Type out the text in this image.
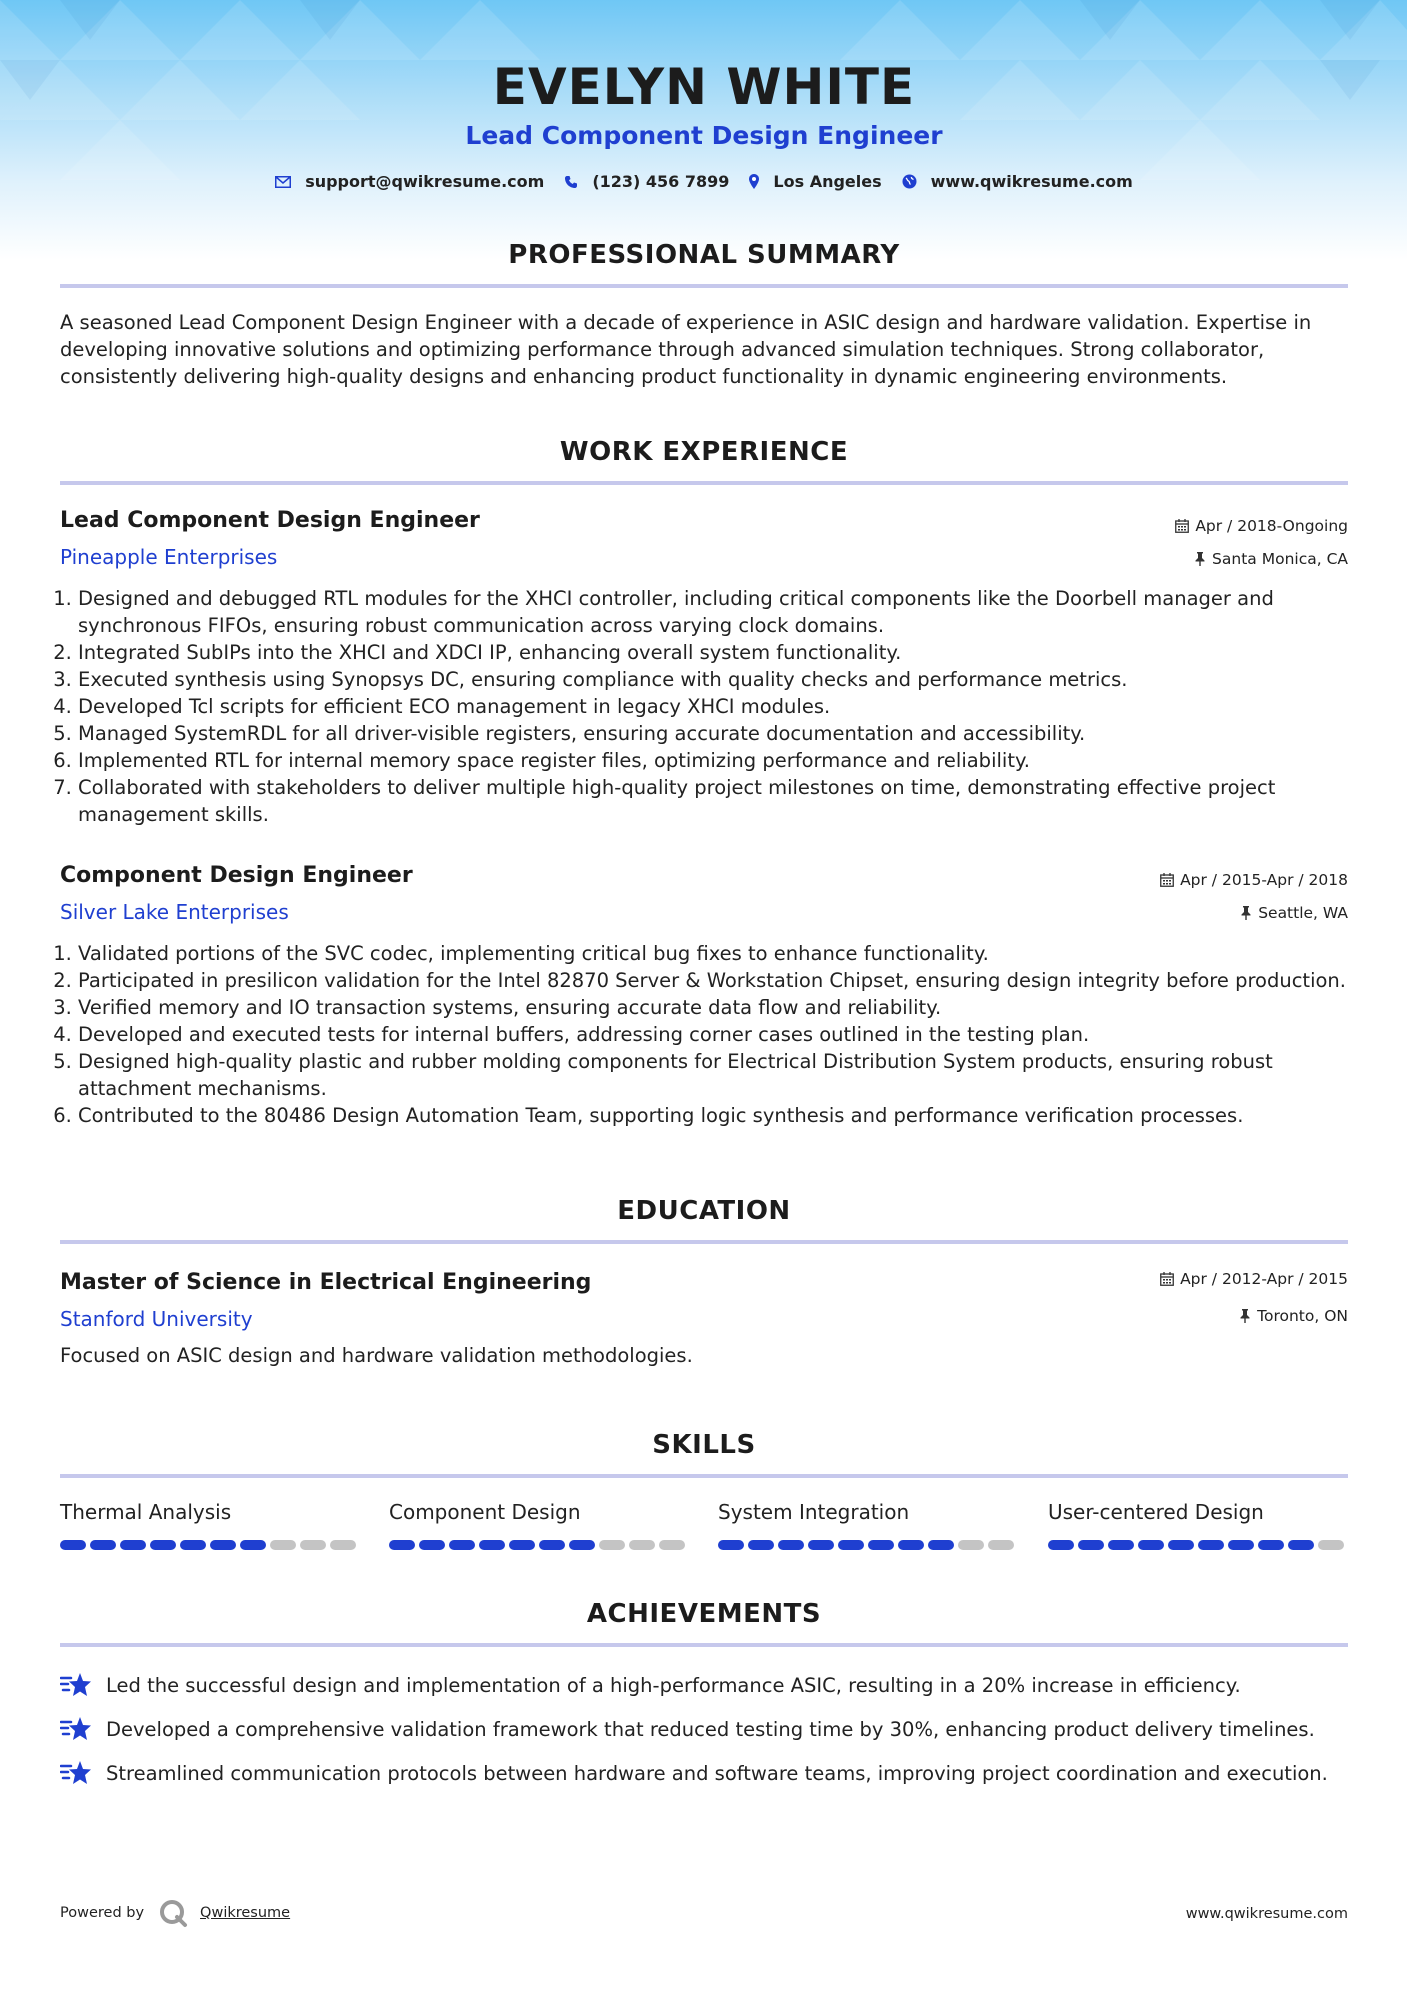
EVELYN WHITE
Lead Component Design Engineer
support@qwikresume.com	(123) 456 7899	Los Angeles	www.qwikresume.com
PROFESSIONAL SUMMARY
A seasoned Lead Component Design Engineer with a decade of experience in ASIC design and hardware validation. Expertise in developing innovative solutions and optimizing performance through advanced simulation techniques. Strong collaborator, consistently delivering high-quality designs and enhancing product functionality in dynamic engineering environments.
WORK EXPERIENCE
Lead Component Design Engineer
Pineapple Enterprises
Apr / 2018-Ongoing
Santa Monica, CA
1. Designed and debugged RTL modules for the XHCI controller, including critical components like the Doorbell manager and synchronous FIFOs, ensuring robust communication across varying clock domains.
2. Integrated SubIPs into the XHCI and XDCI IP, enhancing overall system functionality.
3. Executed synthesis using Synopsys DC, ensuring compliance with quality checks and performance metrics.
4. Developed Tcl scripts for efficient ECO management in legacy XHCI modules.
5. Managed SystemRDL for all driver-visible registers, ensuring accurate documentation and accessibility.
6. Implemented RTL for internal memory space register files, optimizing performance and reliability.
7. Collaborated with stakeholders to deliver multiple high-quality project milestones on time, demonstrating effective project management skills.
Component Design Engineer
Silver Lake Enterprises
Apr / 2015-Apr / 2018
Seattle, WA
1. Validated portions of the SVC codec, implementing critical bug fixes to enhance functionality.
2. Participated in presilicon validation for the Intel 82870 Server & Workstation Chipset, ensuring design integrity before production.
3. Verified memory and IO transaction systems, ensuring accurate data flow and reliability.
4. Developed and executed tests for internal buffers, addressing corner cases outlined in the testing plan.
5. Designed high-quality plastic and rubber molding components for Electrical Distribution System products, ensuring robust attachment mechanisms.
6. Contributed to the 80486 Design Automation Team, supporting logic synthesis and performance verification processes.
EDUCATION
Master of Science in Electrical Engineering
Stanford University
Apr / 2012-Apr / 2015
Toronto, ON
Focused on ASIC design and hardware validation methodologies.
SKILLS
Thermal Analysis	Component Design	System Integration	User-centered Design
ACHIEVEMENTS
Led the successful design and implementation of a high-performance ASIC, resulting in a 20% increase in efficiency.
Developed a comprehensive validation framework that reduced testing time by 30%, enhancing product delivery timelines.
Streamlined communication protocols between hardware and software teams, improving project coordination and execution.
Powered by	Qwikresume	www.qwikresume.com
